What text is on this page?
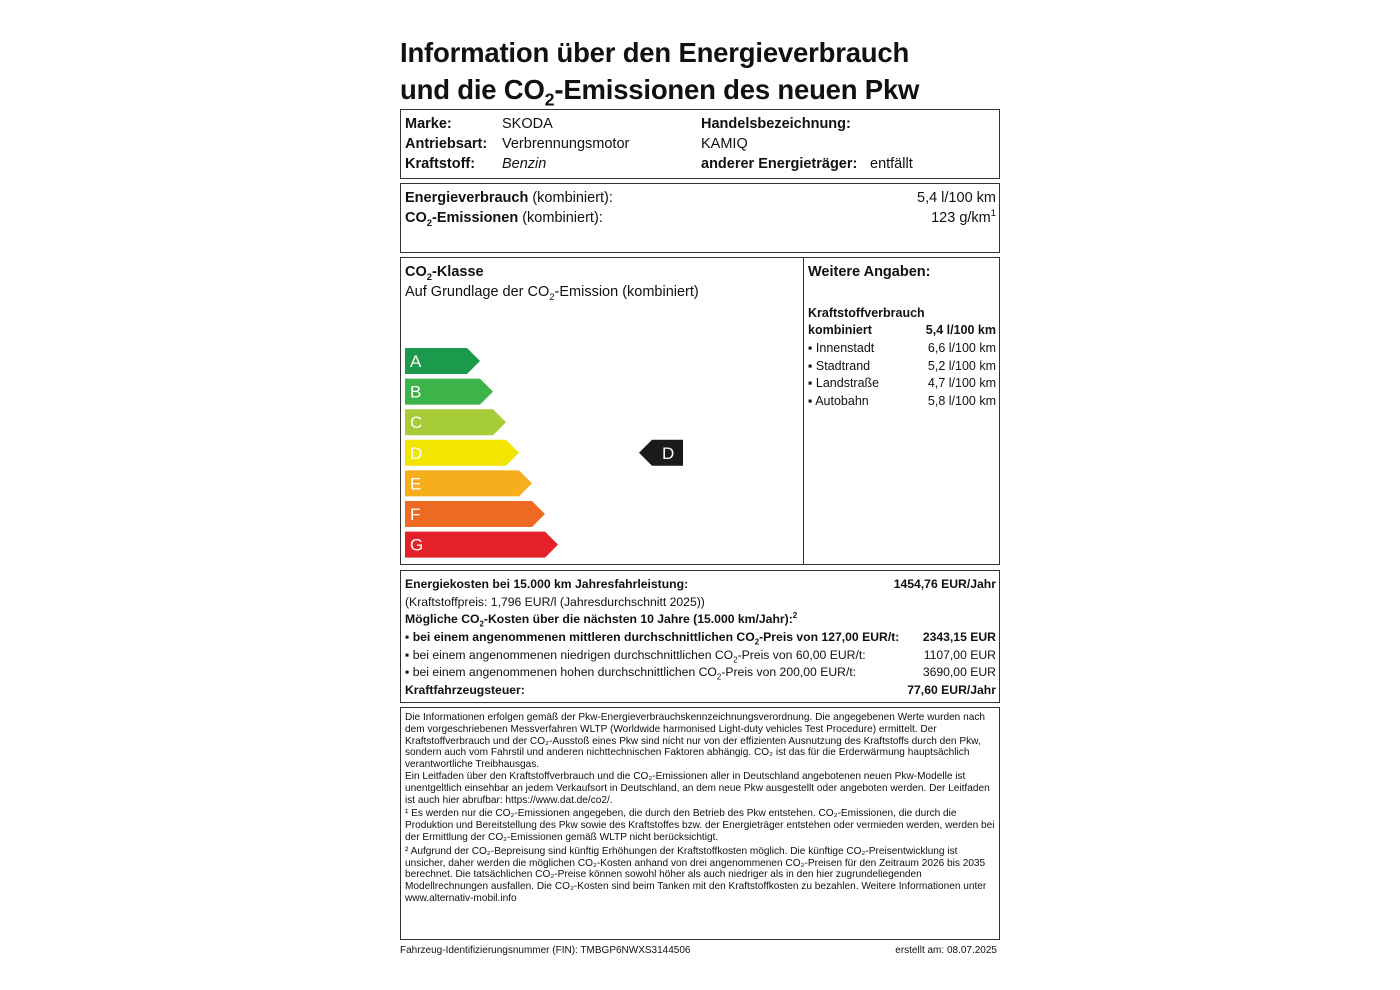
Information über den Energieverbrauch
und die $CO_2$-Emissionen des neuen Pkw
Marke:	SKODA
Antriebsart: Verbrennungsmotor
Kraftstoff: Benzin
Handelsbezeichnung:
KAMIQ
anderer Energieträger: entfällt
Energieverbrauch (kombiniert):	5,4 l/100 km
$CO_2$-Emissionen (kombiniert):	123 $g/km^1$
$CO_2$-Klasse
Auf Grundlage der $CO_2$-Emission (kombiniert)
A
B
C
D
E
F
G
D
Weitere Angaben:
Kraftstoffverbrauch
kombiniert	5,4 l/100 km
▪ Innenstadt	6,6 l/100 km
▪ Stadtrand	5,2 l/100 km
▪ Landstraße	4,7 l/100 km
▪ Autobahn	5,8 l/100 km
Energiekosten bei 15.000 km Jahresfahrleistung:	1454,76 EUR/Jahr
(Kraftstoffpreis: 1,796 EUR/l (Jahresdurchschnitt 2025))
Mögliche $CO_2$-Kosten über die nächsten 10 Jahre (15.000 km/Jahr):$^2$
▪ bei einem angenommenen mittleren durchschnittlichen $CO_2$-Preis von 127,00 EUR/t: 2343,15 EUR
▪ bei einem angenommenen niedrigen durchschnittlichen $CO_2$-Preis von 60,00 EUR/t:	1107,00 EUR
▪ bei einem angenommenen hohen durchschnittlichen $CO_2$-Preis von 200,00 EUR/t:	3690,00 EUR
Kraftfahrzeugsteuer:	77,60 EUR/Jahr

Die Informationen erfolgen gemäß der Pkw-Energieverbrauchskennzeichnungsverordnung. Die angegebenen Werte wurden nach dem vorgeschriebenen Messverfahren WLTP (Worldwide harmonised Light-duty vehicles Test Procedure) ermittelt. Der Kraftstoffverbrauch und der CO₂-Ausstoß eines Pkw sind nicht nur von der effizienten Ausnutzung des Kraftstoffs durch den Pkw, sondern auch vom Fahrstil und anderen nichttechnischen Faktoren abhängig. CO₂ ist das für die Erderwärmung hauptsächlich verantwortliche Treibhausgas.

Ein Leitfaden über den Kraftstoffverbrauch und die CO₂-Emissionen aller in Deutschland angebotenen neuen Pkw-Modelle ist unentgeltlich einsehbar an jedem Verkaufsort in Deutschland, an dem neue Pkw ausgestellt oder angeboten werden. Der Leitfaden ist auch hier abrufbar: https://www.dat.de/co2/.

¹ Es werden nur die CO₂-Emissionen angegeben, die durch den Betrieb des Pkw entstehen. CO₂-Emissionen, die durch die Produktion und Bereitstellung des Pkw sowie des Kraftstoffes bzw. der Energieträger entstehen oder vermieden werden, werden bei der Ermittlung der CO₂-Emissionen gemäß WLTP nicht berücksichtigt.

² Aufgrund der CO₂-Bepreisung sind künftig Erhöhungen der Kraftstoffkosten möglich. Die künftige CO₂-Preisentwicklung ist unsicher, daher werden die möglichen CO₂-Kosten anhand von drei angenommenen CO₂-Preisen für den Zeitraum 2026 bis 2035 berechnet. Die tatsächlichen CO₂-Preise können sowohl höher als auch niedriger als in den hier zugrundeliegenden Modellrechnungen ausfallen. Die CO₂-Kosten sind beim Tanken mit den Kraftstoffkosten zu bezahlen. Weitere Informationen unter www.alternativ-mobil.info

Fahrzeug-Identifizierungsnummer (FIN): TMBGP6NWXS3144506	erstellt am: 08.07.2025
